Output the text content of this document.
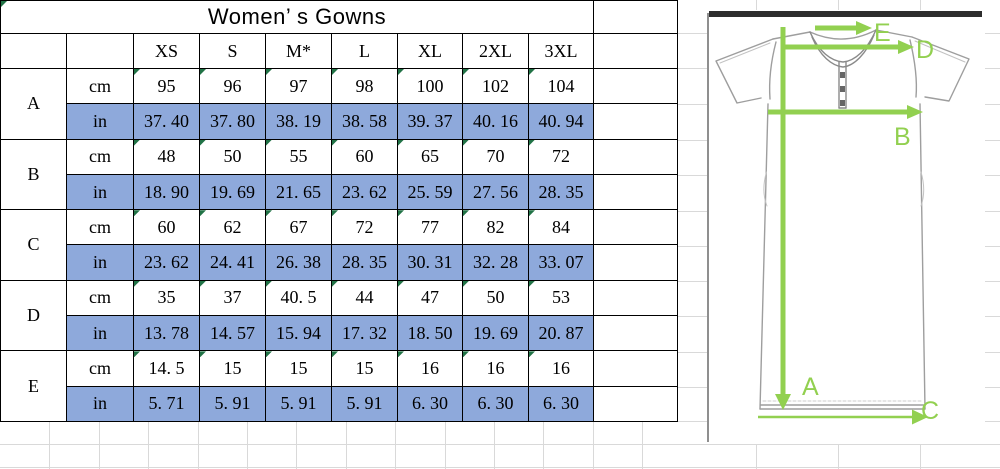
Women’ s Gowns									
		XS	S	M*	L	XL	2XL	3XL	
A	cm	95	96	97	98	100	102	104	
	in	37. 40	37. 80	38. 19	38. 58	39. 37	40. 16	40. 94	
B	cm	48	50	55	60	65	70	72	
	in	18. 90	19. 69	21. 65	23. 62	25. 59	27. 56	28. 35	
C	cm	60	62	67	72	77	82	84	
	in	23. 62	24. 41	26. 38	28. 35	30. 31	32. 28	33. 07	
D	cm	35	37	40. 5	44	47	50	53	
	in	13. 78	14. 57	15. 94	17. 32	18. 50	19. 69	20. 87	
E	cm	14. 5	15	15	15	16	16	16	
	in	5. 71	5. 91	5. 91	5. 91	6. 30	6. 30	6. 30	
A
B
C
D
E
